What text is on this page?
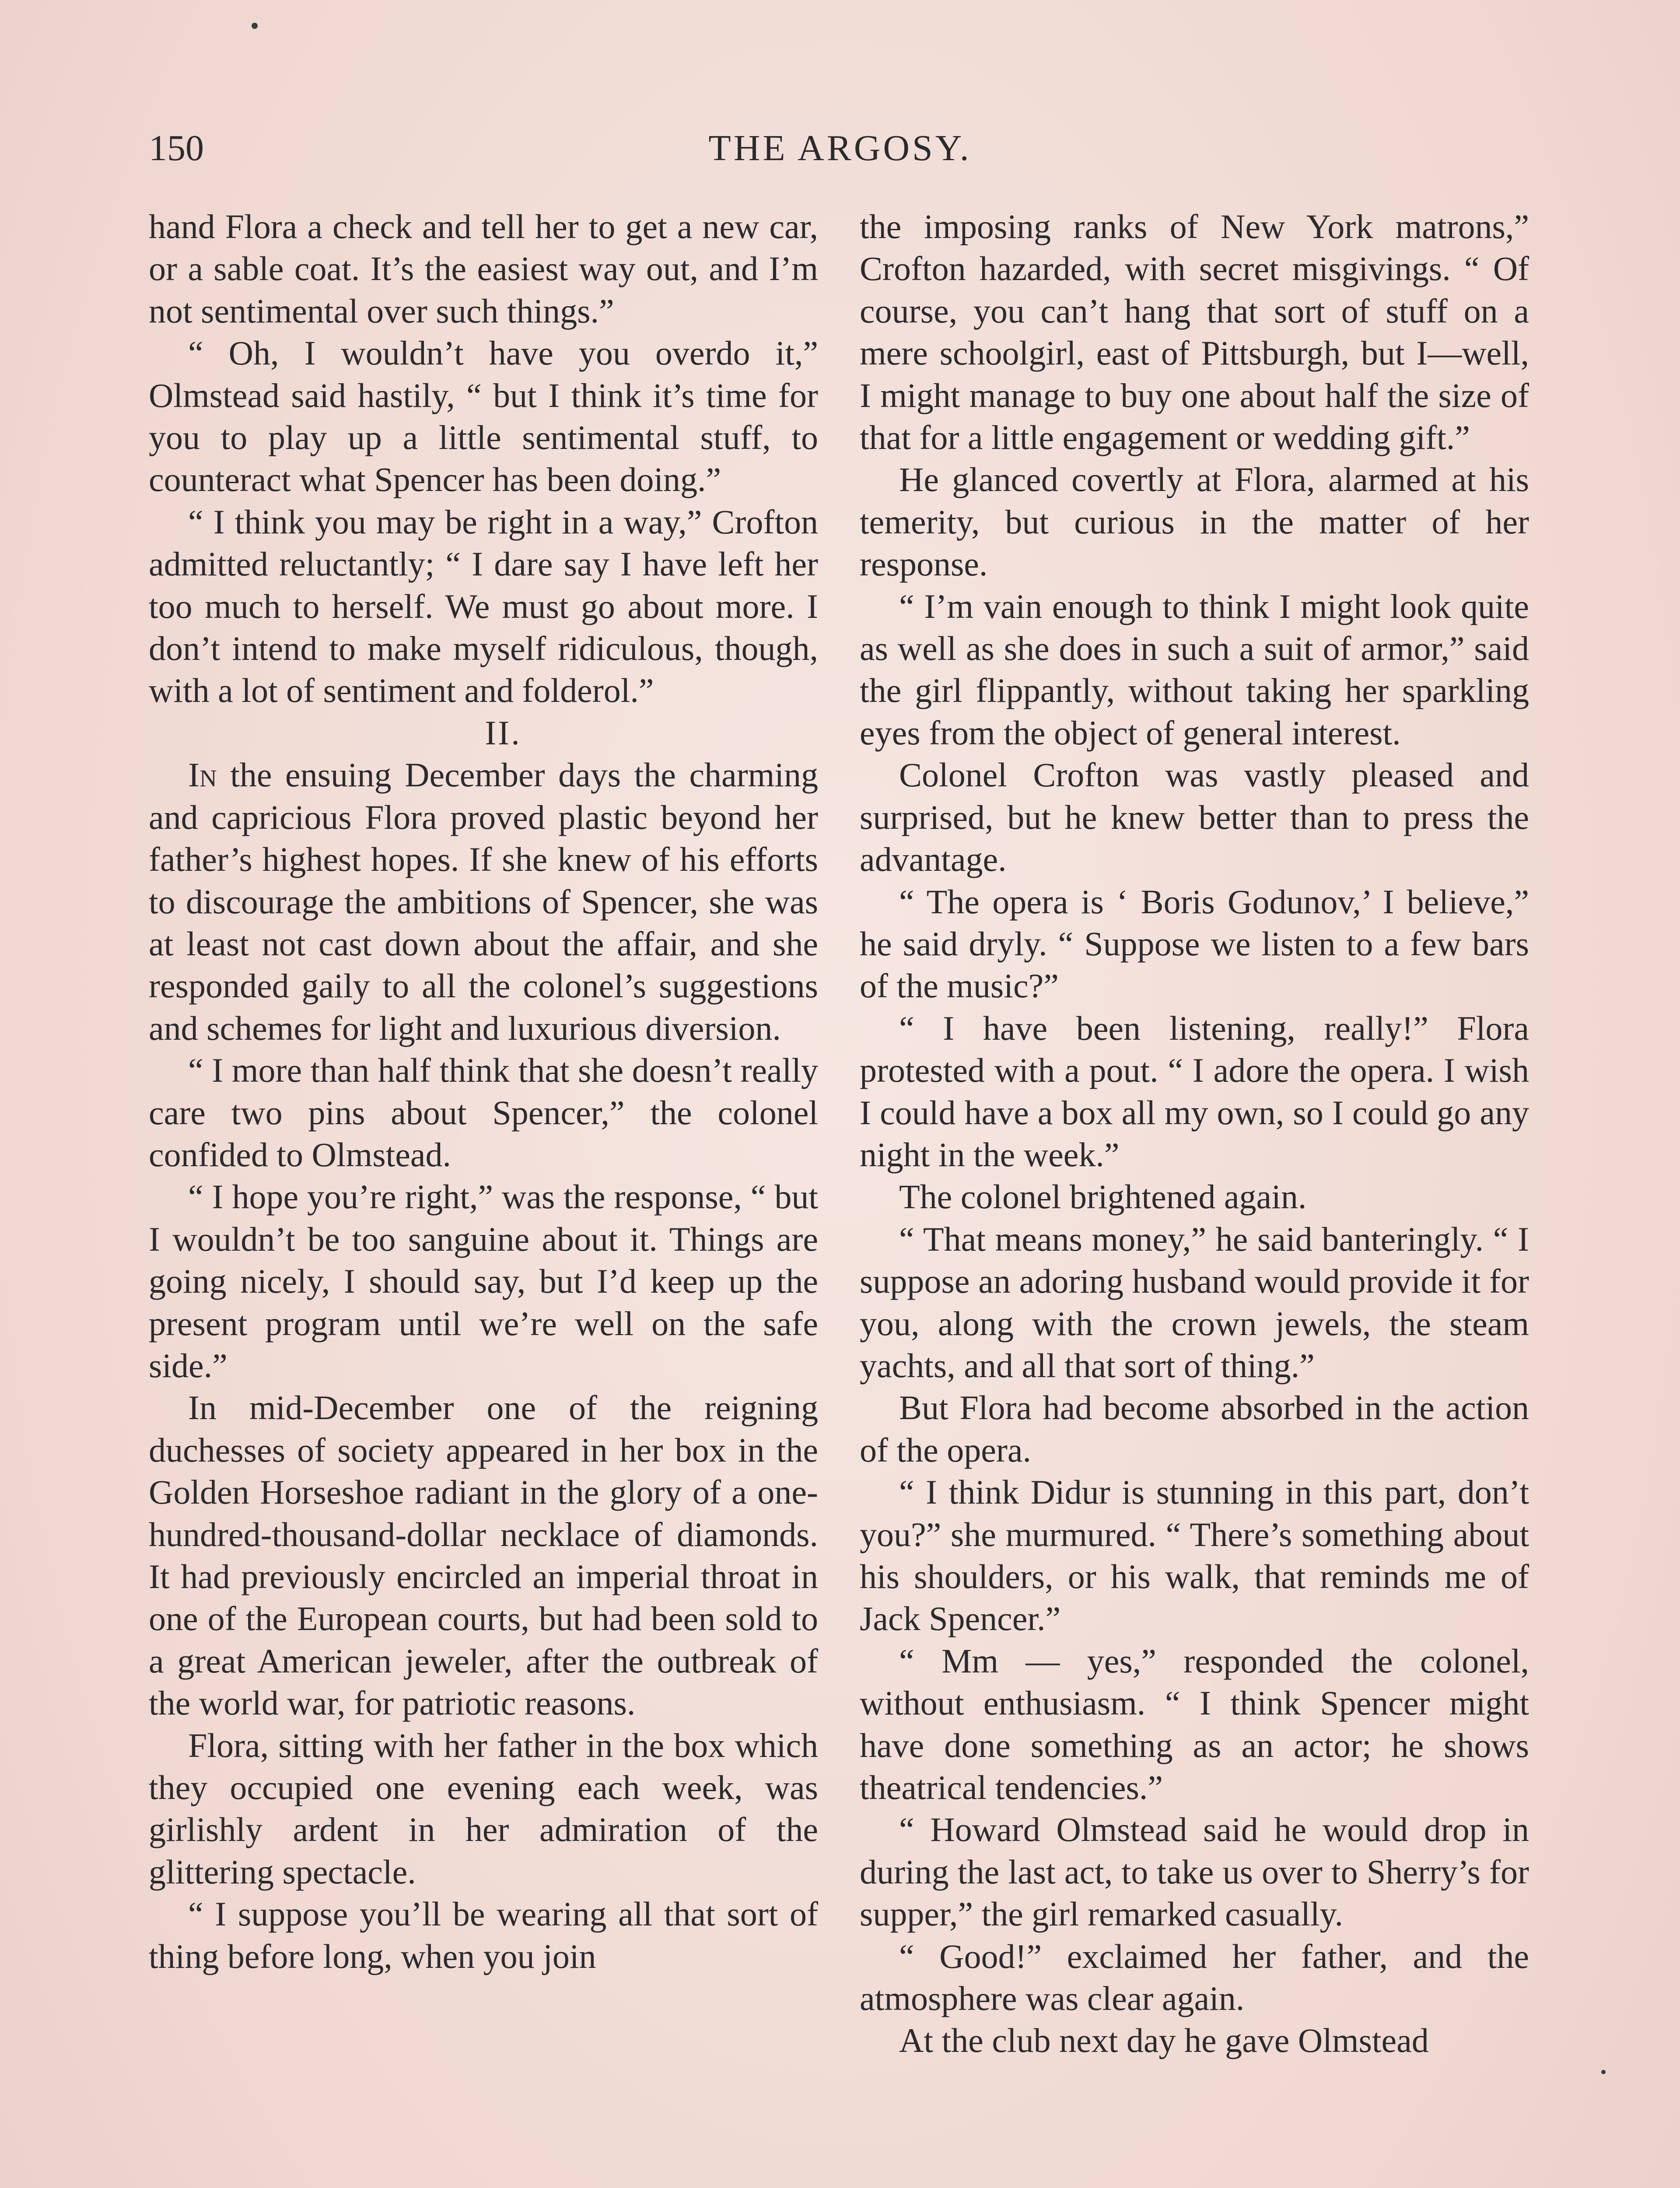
150	THE ARGOSY.

hand Flora a check and tell her to get a new car, or a sable coat. It’s the easiest way out, and I’m not sentimental over such things.”

“ Oh, I wouldn’t have you overdo it,” Olmstead said hastily, “ but I think it’s time for you to play up a little sentimental stuff, to counteract what Spencer has been doing.”

“ I think you may be right in a way,” Crofton admitted reluctantly; “ I dare say I have left her too much to herself. We must go about more. I don’t intend to make myself ridiculous, though, with a lot of sentiment and folderol.”

II.

In the ensuing December days the charming and capricious Flora proved plastic beyond her father’s highest hopes. If she knew of his efforts to discourage the ambitions of Spencer, she was at least not cast down about the affair, and she responded gaily to all the colonel’s suggestions and schemes for light and luxurious diversion.

“ I more than half think that she doesn’t really care two pins about Spencer,” the colonel confided to Olmstead.

“ I hope you’re right,” was the response, “ but I wouldn’t be too sanguine about it. Things are going nicely, I should say, but I’d keep up the present program until we’re well on the safe side.”

In mid-December one of the reigning duchesses of society appeared in her box in the Golden Horseshoe radiant in the glory of a one-hundred-thousand-dollar necklace of diamonds. It had previously encircled an imperial throat in one of the European courts, but had been sold to a great American jeweler, after the outbreak of the world war, for patriotic reasons.

Flora, sitting with her father in the box which they occupied one evening each week, was girlishly ardent in her admiration of the glittering spectacle.

“ I suppose you’ll be wearing all that sort of thing before long, when you join

the imposing ranks of New York matrons,” Crofton hazarded, with secret misgivings. “ Of course, you can’t hang that sort of stuff on a mere schoolgirl, east of Pittsburgh, but I—well, I might manage to buy one about half the size of that for a little engagement or wedding gift.”

He glanced covertly at Flora, alarmed at his temerity, but curious in the matter of her response.

“ I’m vain enough to think I might look quite as well as she does in such a suit of armor,” said the girl flippantly, without taking her sparkling eyes from the object of general interest.

Colonel Crofton was vastly pleased and surprised, but he knew better than to press the advantage.

“ The opera is ‘ Boris Godunov,’ I believe,” he said dryly. “ Suppose we listen to a few bars of the music?”

“ I have been listening, really!” Flora protested with a pout. “ I adore the opera. I wish I could have a box all my own, so I could go any night in the week.”

The colonel brightened again.

“ That means money,” he said banteringly. “ I suppose an adoring husband would provide it for you, along with the crown jewels, the steam yachts, and all that sort of thing.”

But Flora had become absorbed in the action of the opera.

“ I think Didur is stunning in this part, don’t you?” she murmured. “ There’s something about his shoulders, or his walk, that reminds me of Jack Spencer.”

“ Mm — yes,” responded the colonel, without enthusiasm. “ I think Spencer might have done something as an actor; he shows theatrical tendencies.”

“ Howard Olmstead said he would drop in during the last act, to take us over to Sherry’s for supper,” the girl remarked casually.

“ Good!” exclaimed her father, and the atmosphere was clear again.

At the club next day he gave Olmstead
